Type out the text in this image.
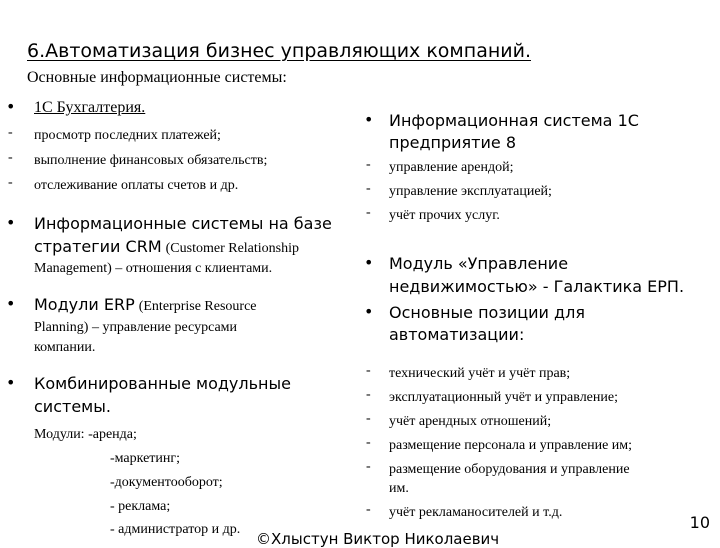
6.Автоматизация бизнес управляющих компаний.
Основные информационные системы:
• 1С Бухгалтерия.
- просмотр последних платежей;
- выполнение финансовых обязательств;
- отслеживание оплаты счетов и др.
• Информационные системы на базе
стратегии CRM (Customer Relationship
Management) – отношения с клиентами.
• Модули ERP (Enterprise Resource
Planning) – управление ресурсами
компании.
• Комбинированные модульные
системы.
Модули: -аренда;
-маркетинг;
-документооборот;
- реклама;
- администратор и др.
• Информационная система 1С
предприятие 8
- управление арендой;
- управление эксплуатацией;
- учёт прочих услуг.
• Модуль «Управление
недвижимостью» - Галактика ЕРП.
• Основные позиции для
автоматизации:
- технический учёт и учёт прав;
- эксплуатационный учёт и управление;
- учёт арендных отношений;
- размещение персонала и управление им;
- размещение оборудования и управление
им.
- учёт рекламаносителей и т.д.
10
©Хлыстун Виктор Николаевич
